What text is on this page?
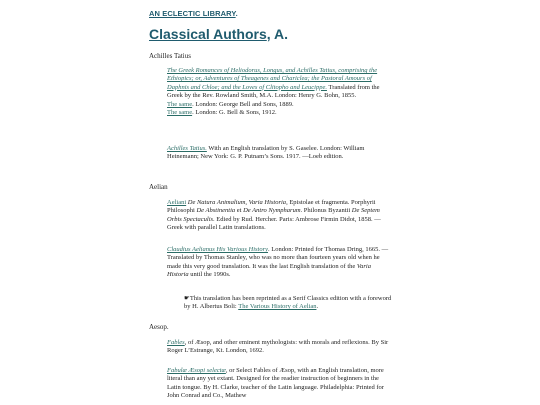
AN ECLECTIC LIBRARY.
Classical Authors, A.
Achilles Tatius
The Greek Romances of Heliodorus, Longus, and Achilles Tatius, comprising the Ethiopics; or, Adventures of Theagenes and Chariclea; the Pastoral Amours of Daphnis and Chloe; and the Loves of Clitopho and Leucippe. Translated from the Greek by the Rev. Rowland Smith, M.A. London: Henry G. Bohn, 1855.
The same. London: George Bell and Sons, 1889.
The same. London: G. Bell & Sons, 1912.
Achilles Tatius. With an English translation by S. Gaselee. London: William Heinemann; New York: G. P. Putnam’s Sons. 1917. —Loeb edition.
Aelian
Aeliani De Natura Animalium, Varia Historia, Epistolae et fragmenta. Porphyrii Philosophi De Abstinentia et De Antro Nympharum. Philonus Byzantii De Septem Orbis Spectaculis. Edied by Rud. Hercher. Paris: Ambrose Firmin Didot, 1858. —Greek with parallel Latin translations.
Claudius Aelianus His Various History. London: Printed for Thomas Dring, 1665. —Translated by Thomas Stanley, who was no more than fourteen years old when he made this very good translation. It was the last English translation of the Varia Historia until the 1990s.
☛This translation has been reprinted as a Serif Classics edition with a foreword by H. Albertus Boli: The Various History of Aelian.
Aesop.
Fables, of Æsop, and other eminent mythologists: with morals and reflexions. By Sir Roger L’Estrange, Kt. London, 1692.
Fabulæ Æsopi selectæ, or Select Fables of Æsop, with an English translation, more literal than any yet extant. Designed for the readier instruction of beginners in the Latin tongue. By H. Clarke, teacher of the Latin language. Philadelphia: Printed for John Conrad and Co., Mathew
